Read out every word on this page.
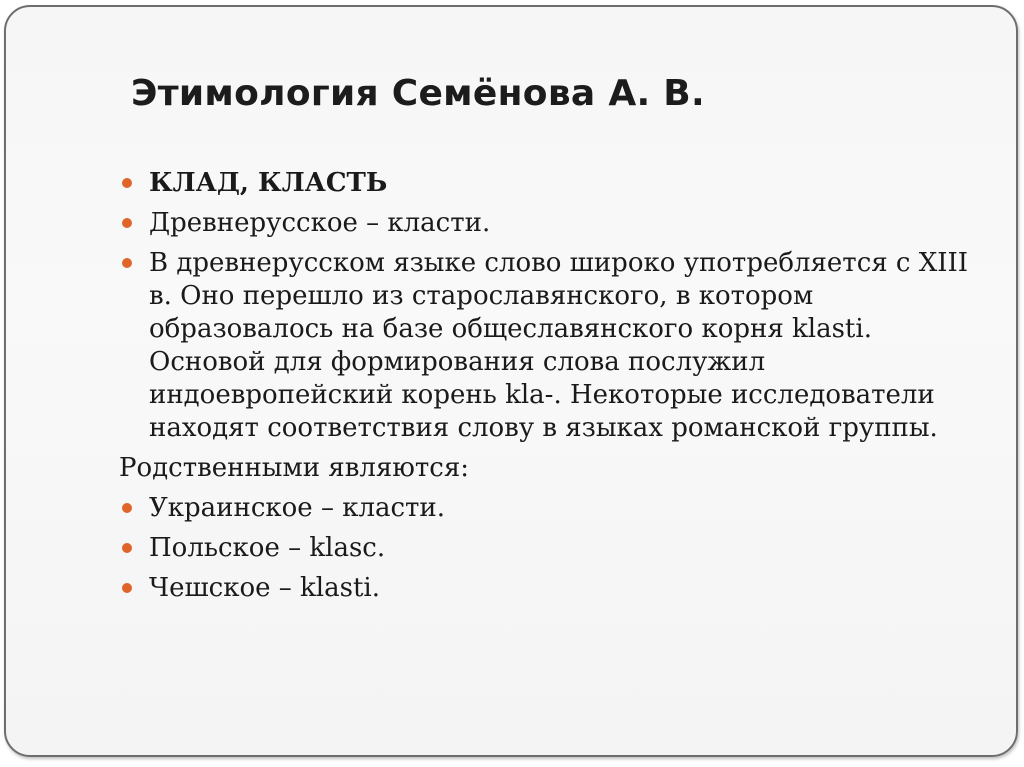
Этимология Семёнова А. В.
КЛАД, КЛАСТЬ
Древнерусское – класти.
В древнерусском языке слово широко употребляется с XIII в. Оно перешло из старославянского, в котором образовалось на базе общеславянского корня klasti. Основой для формирования слова послужил индоевропейский корень kla-. Некоторые исследователи находят соответствия слову в языках романской группы.
Родственными являются:
Украинское – класти.
Польское – klasc.
Чешское – klasti.
